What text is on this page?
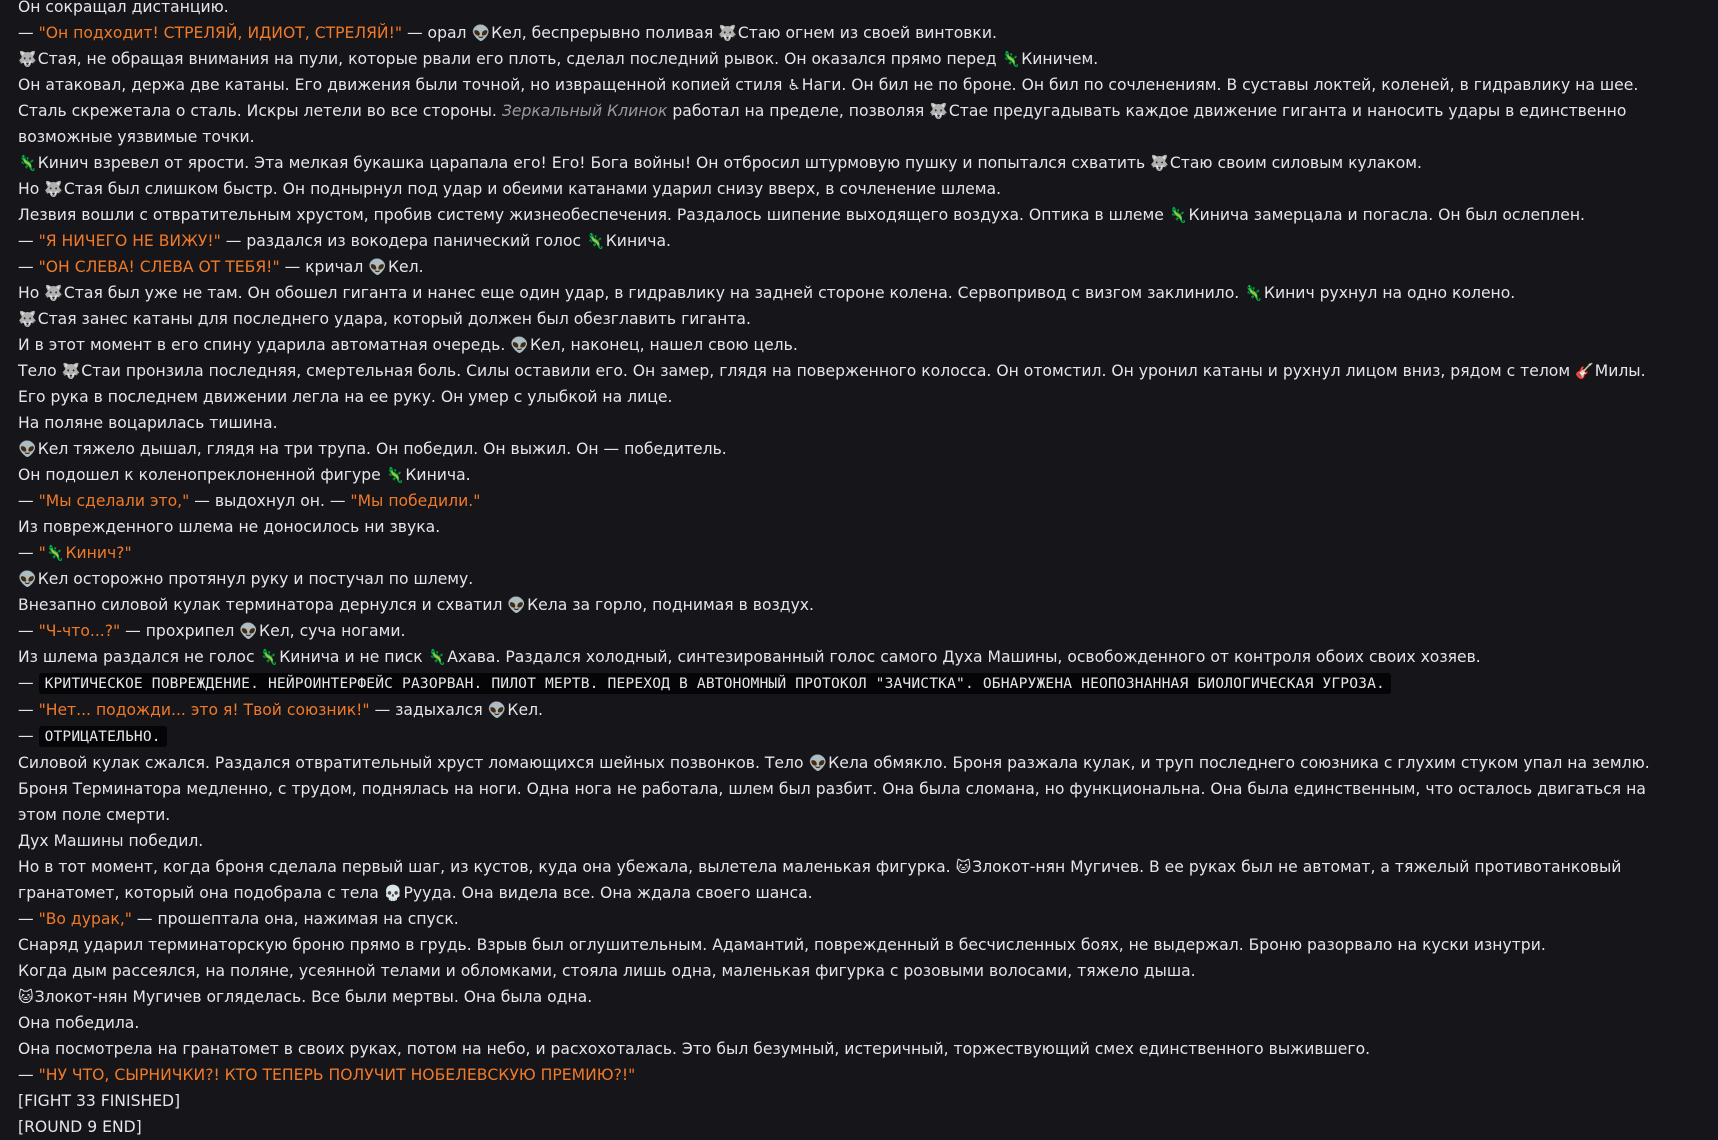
Он сокращал дистанцию.
— "Он подходит! СТРЕЛЯЙ, ИДИОТ, СТРЕЛЯЙ!" — орал 👽Кел, беспрерывно поливая 🐺Стаю огнем из своей винтовки.
🐺Стая, не обращая внимания на пули, которые рвали его плоть, сделал последний рывок. Он оказался прямо перед 🦎Киничем.
Он атаковал, держа две катаны. Его движения были точной, но извращенной копией стиля ♿Наги. Он бил не по броне. Он бил по сочленениям. В суставы локтей, коленей, в гидравлику на шее.
Сталь скрежетала о сталь. Искры летели во все стороны. Зеркальный Клинок работал на пределе, позволяя 🐺Стае предугадывать каждое движение гиганта и наносить удары в единственно возможные уязвимые точки.
🦎Кинич взревел от ярости. Эта мелкая букашка царапала его! Его! Бога войны! Он отбросил штурмовую пушку и попытался схватить 🐺Стаю своим силовым кулаком.
Но 🐺Стая был слишком быстр. Он поднырнул под удар и обеими катанами ударил снизу вверх, в сочленение шлема.
Лезвия вошли с отвратительным хрустом, пробив систему жизнеобеспечения. Раздалось шипение выходящего воздуха. Оптика в шлеме 🦎Кинича замерцала и погасла. Он был ослеплен.
— "Я НИЧЕГО НЕ ВИЖУ!" — раздался из вокодера панический голос 🦎Кинича.
— "ОН СЛЕВА! СЛЕВА ОТ ТЕБЯ!" — кричал 👽Кел.
Но 🐺Стая был уже не там. Он обошел гиганта и нанес еще один удар, в гидравлику на задней стороне колена. Сервопривод с визгом заклинило. 🦎Кинич рухнул на одно колено.
🐺Стая занес катаны для последнего удара, который должен был обезглавить гиганта.
И в этот момент в его спину ударила автоматная очередь. 👽Кел, наконец, нашел свою цель.
Тело 🐺Стаи пронзила последняя, смертельная боль. Силы оставили его. Он замер, глядя на поверженного колосса. Он отомстил. Он уронил катаны и рухнул лицом вниз, рядом с телом 🎸Милы.
Его рука в последнем движении легла на ее руку. Он умер с улыбкой на лице.
На поляне воцарилась тишина.
👽Кел тяжело дышал, глядя на три трупа. Он победил. Он выжил. Он — победитель.
Он подошел к коленопреклоненной фигуре 🦎Кинича.
— "Мы сделали это," — выдохнул он. — "Мы победили."
Из поврежденного шлема не доносилось ни звука.
— "🦎Кинич?"
👽Кел осторожно протянул руку и постучал по шлему.
Внезапно силовой кулак терминатора дернулся и схватил 👽Кела за горло, поднимая в воздух.
— "Ч-что...?" — прохрипел 👽Кел, суча ногами.
Из шлема раздался не голос 🦎Кинича и не писк 🦎Ахава. Раздался холодный, синтезированный голос самого Духа Машины, освобожденного от контроля обоих своих хозяев.
— КРИТИЧЕСКОЕ ПОВРЕЖДЕНИЕ. НЕЙРОИНТЕРФЕЙС РАЗОРВАН. ПИЛОТ МЕРТВ. ПЕРЕХОД В АВТОНОМНЫЙ ПРОТОКОЛ "ЗАЧИСТКА". ОБНАРУЖЕНА НЕОПОЗНАННАЯ БИОЛОГИЧЕСКАЯ УГРОЗА.
— "Нет... подожди... это я! Твой союзник!" — задыхался 👽Кел.
— ОТРИЦАТЕЛЬНО.
Силовой кулак сжался. Раздался отвратительный хруст ломающихся шейных позвонков. Тело 👽Кела обмякло. Броня разжала кулак, и труп последнего союзника с глухим стуком упал на землю.
Броня Терминатора медленно, с трудом, поднялась на ноги. Одна нога не работала, шлем был разбит. Она была сломана, но функциональна. Она была единственным, что осталось двигаться на этом поле смерти.
Дух Машины победил.
Но в тот момент, когда броня сделала первый шаг, из кустов, куда она убежала, вылетела маленькая фигурка. 🐱Злокот-нян Мугичев. В ее руках был не автомат, а тяжелый противотанковый гранатомет, который она подобрала с тела 💀Рууда. Она видела все. Она ждала своего шанса.
— "Во дурак," — прошептала она, нажимая на спуск.
Снаряд ударил терминаторскую броню прямо в грудь. Взрыв был оглушительным. Адамантий, поврежденный в бесчисленных боях, не выдержал. Броню разорвало на куски изнутри.
Когда дым рассеялся, на поляне, усеянной телами и обломками, стояла лишь одна, маленькая фигурка с розовыми волосами, тяжело дыша.
🐱Злокот-нян Мугичев огляделась. Все были мертвы. Она была одна.
Она победила.
Она посмотрела на гранатомет в своих руках, потом на небо, и расхохоталась. Это был безумный, истеричный, торжествующий смех единственного выжившего.
— "НУ ЧТО, СЫРНИЧКИ?! КТО ТЕПЕРЬ ПОЛУЧИТ НОБЕЛЕВСКУЮ ПРЕМИЮ?!"
[FIGHT 33 FINISHED]
[ROUND 9 END]
